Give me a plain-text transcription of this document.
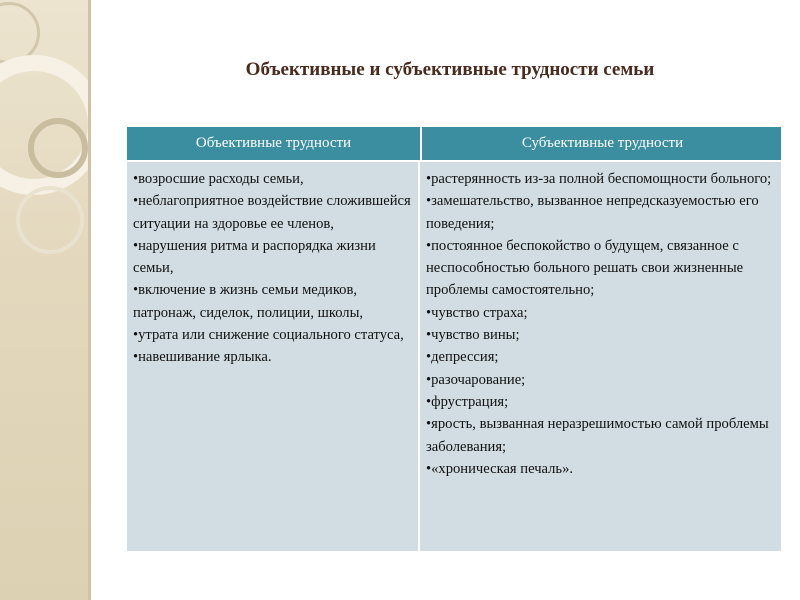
Объективные и субъективные трудности семьи
Объективные трудности	Субъективные трудности
•возросшие расходы семьи,
•неблагоприятное воздействие сложившейся ситуации на здоровье ее членов,
•нарушения ритма и распорядка жизни семьи,
•включение в жизнь семьи медиков, патронаж, сиделок, полиции, школы,
•утрата или снижение социального статуса,
•навешивание ярлыка.
•растерянность из-за полной беспомощности больного;
•замешательство, вызванное непредсказуемостью его поведения;
•постоянное беспокойство о будущем, связанное с неспособностью больного решать свои жизненные проблемы самостоятельно;
•чувство страха;
•чувство вины;
•депрессия;
•разочарование;
•фрустрация;
•ярость, вызванная неразрешимостью самой проблемы заболевания;
•«хроническая печаль».
